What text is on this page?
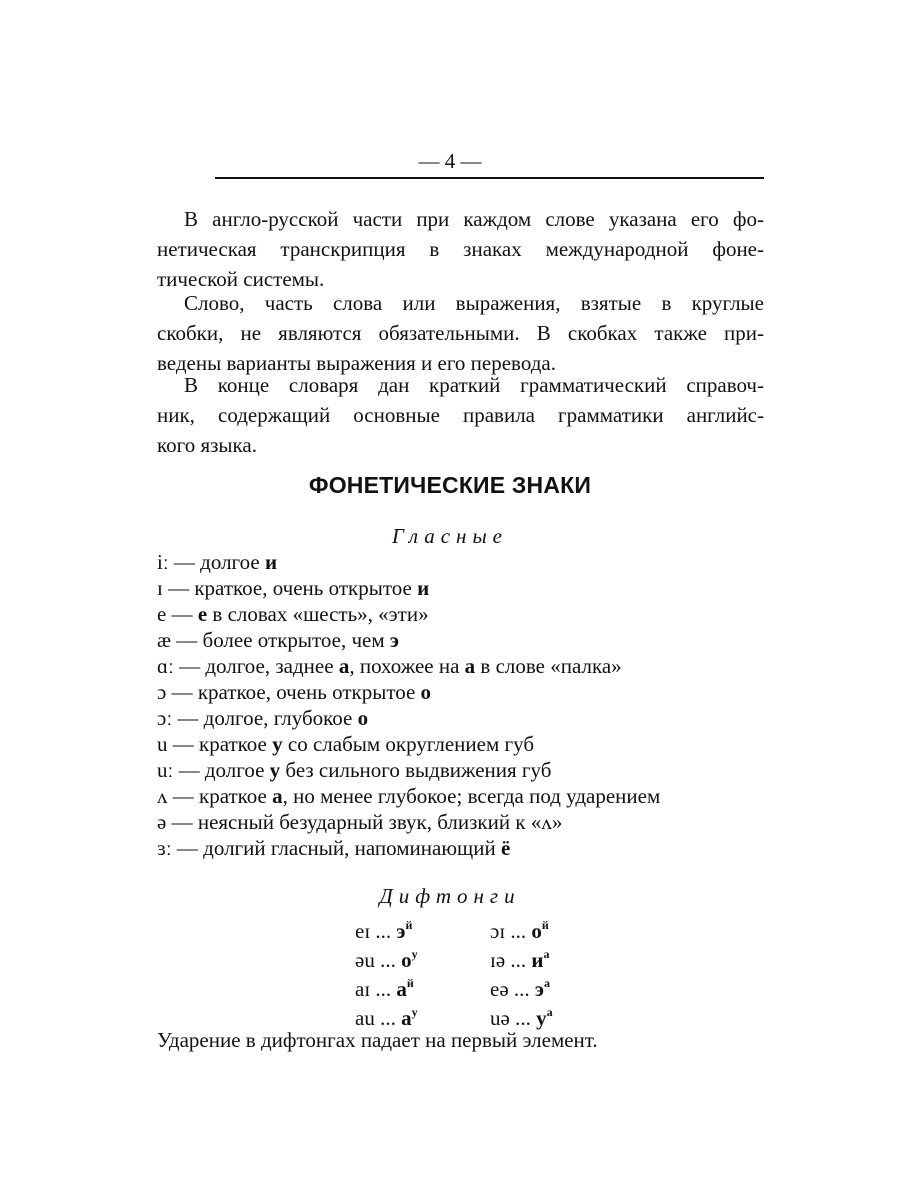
— 4 —
В англо-русской части при каждом слове указана его фо-
нетическая транскрипция в знаках международной фоне-
тической системы.
Слово, часть слова или выражения, взятые в круглые
скобки, не являются обязательными. В скобках также при-
ведены варианты выражения и его перевода.
В конце словаря дан краткий грамматический справоч-
ник, содержащий основные правила грамматики английс-
кого языка.
ФОНЕТИЧЕСКИЕ ЗНАКИ
Гласные
iː — долгое и
ɪ — краткое, очень открытое и
e — е в словах «шесть», «эти»
æ — более открытое, чем э
ɑː — долгое, заднее а, похожее на а в слове «палка»
ɔ — краткое, очень открытое о
ɔː — долгое, глубокое о
u — краткое у со слабым округлением губ
uː — долгое у без сильного выдвижения губ
ʌ — краткое а, но менее глубокое; всегда под ударением
ə — неясный безударный звук, близкий к «ʌ»
ɜː — долгий гласный, напоминающий ё
Дифтонги
eɪ ... $э^й$	ɔɪ ... $о^й$
əu ... $о^у$	ɪə ... $и^а$
aɪ ... $а^й$	eə ... $э^а$
au ... $а^у$	uə ... $у^а$
Ударение в дифтонгах падает на первый элемент.
